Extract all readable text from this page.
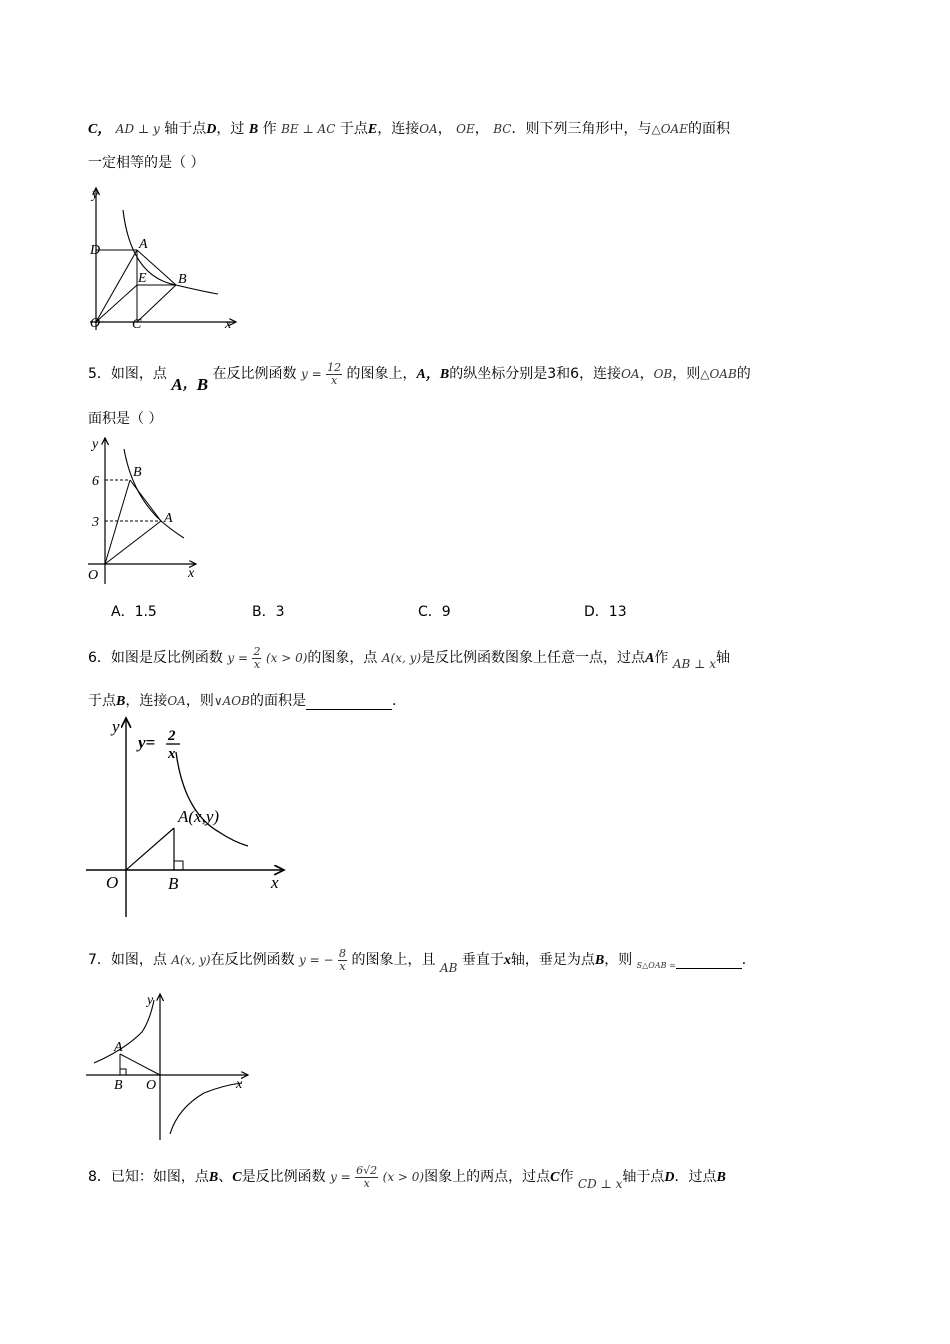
C， AD ⊥ y 轴于点D，过 B 作 BE ⊥ AC 于点E，连接OA， OE， BC．则下列三角形中，与△OAE的面积
一定相等的是（ ）
y
D	A
E B
O C	x
5．如图，点 A，B 在反比例函数 $y = \frac{12}{x}$ 的图象上，A，B的纵坐标分别是3和6，连接OA，OB，则△OAB的
面积是（ ）
y
6
3
B
A
O	x
A．1.5	B．3	C．9	D．13
6．如图是反比例函数 $y = \frac{2}{x} (x > 0)$的图象，点 A(x, y)是反比例函数图象上任意一点，过点A作 AB ⊥ x轴
于点B，连接OA，则∨AOB的面积是	．
y
y= 2
x
A(x,y)
O	B	x
7．如图，点 A(x, y)在反比例函数 y = − $\frac{8}{x}$ 的图象上，且 AB 垂直于x轴，垂足为点B，则 $_{S\triangle OAB =}$	．
y
A
B O	x
8．已知：如图，点B、C是反比例函数 $y = \frac{6√2}{x} (x > 0)$图象上的两点，过点C作 CD ⊥ x轴于点D．过点B
